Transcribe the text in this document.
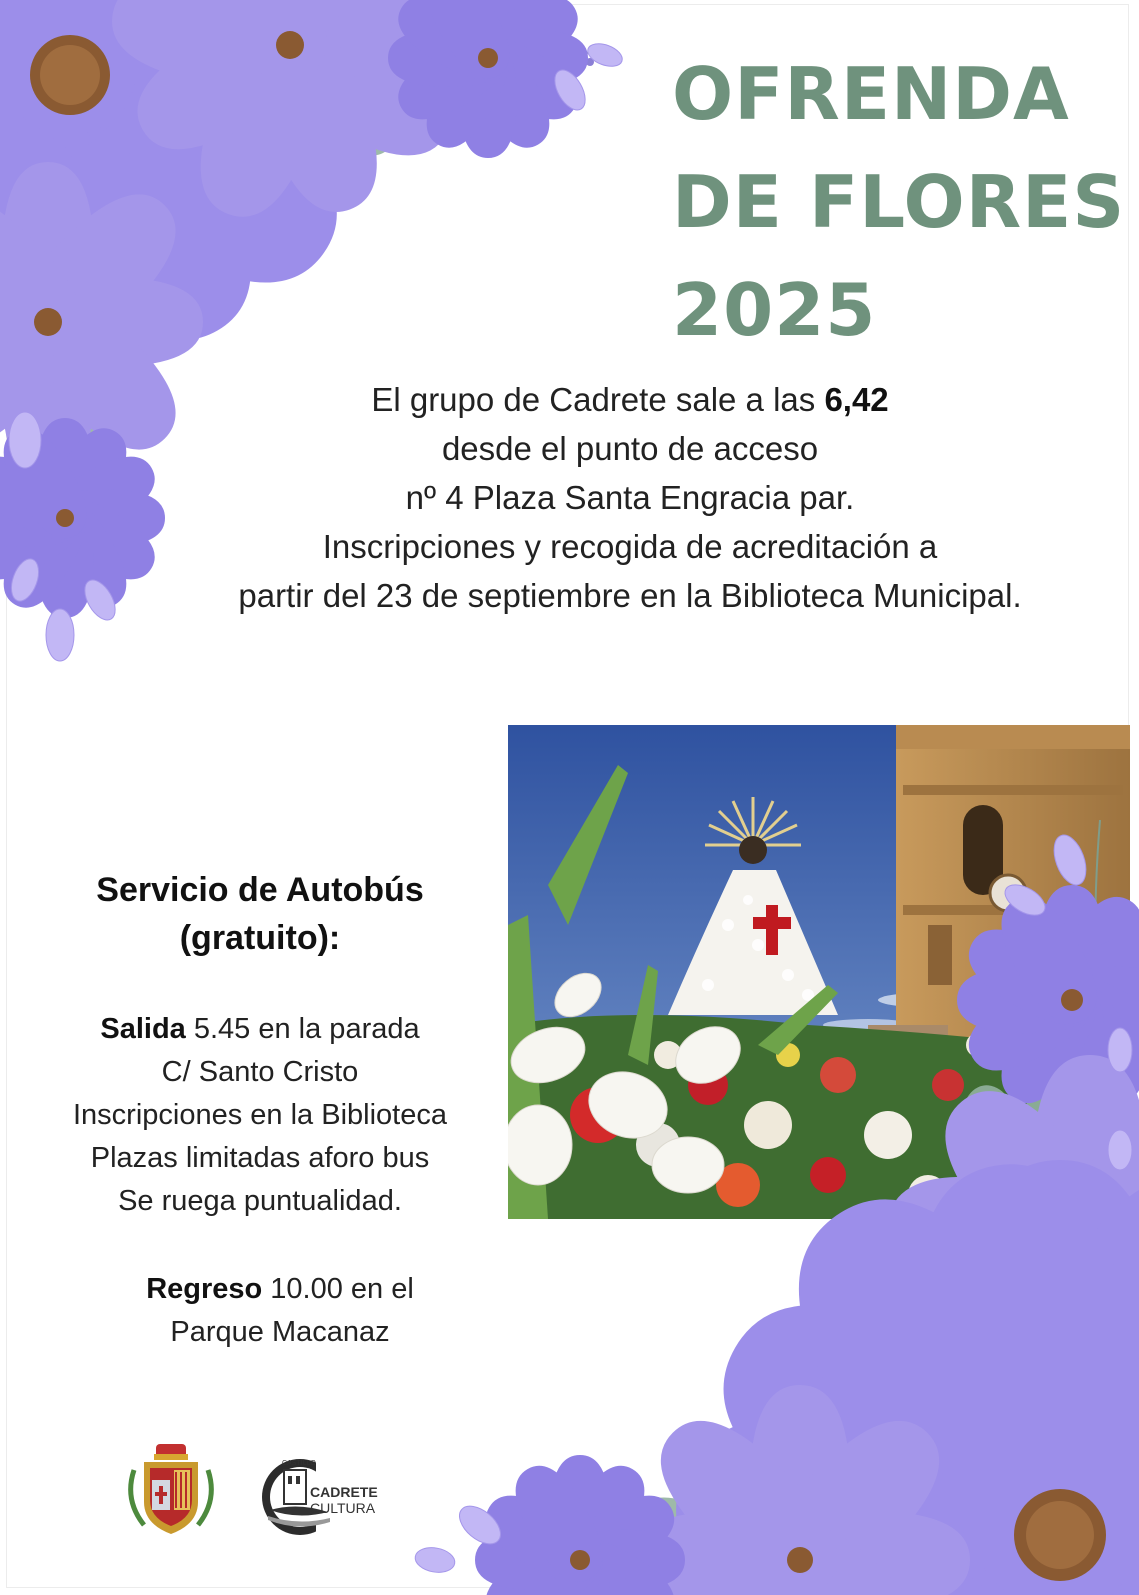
OFRENDA
DE FLORES
2025
El grupo de Cadrete sale a las 6,42
desde el punto de acceso
nº 4 Plaza Santa Engracia par.
Inscripciones y recogida de acreditación a
partir del 23 de septiembre en la Biblioteca Municipal.
Servicio de Autobús
(gratuito):
Salida 5.45 en la parada
C/ Santo Cristo
Inscripciones en la Biblioteca
Plazas limitadas aforo bus
Se ruega puntualidad.
Regreso 10.00 en el
Parque Macanaz
CASTILLO
CADRETE
CULTURA
